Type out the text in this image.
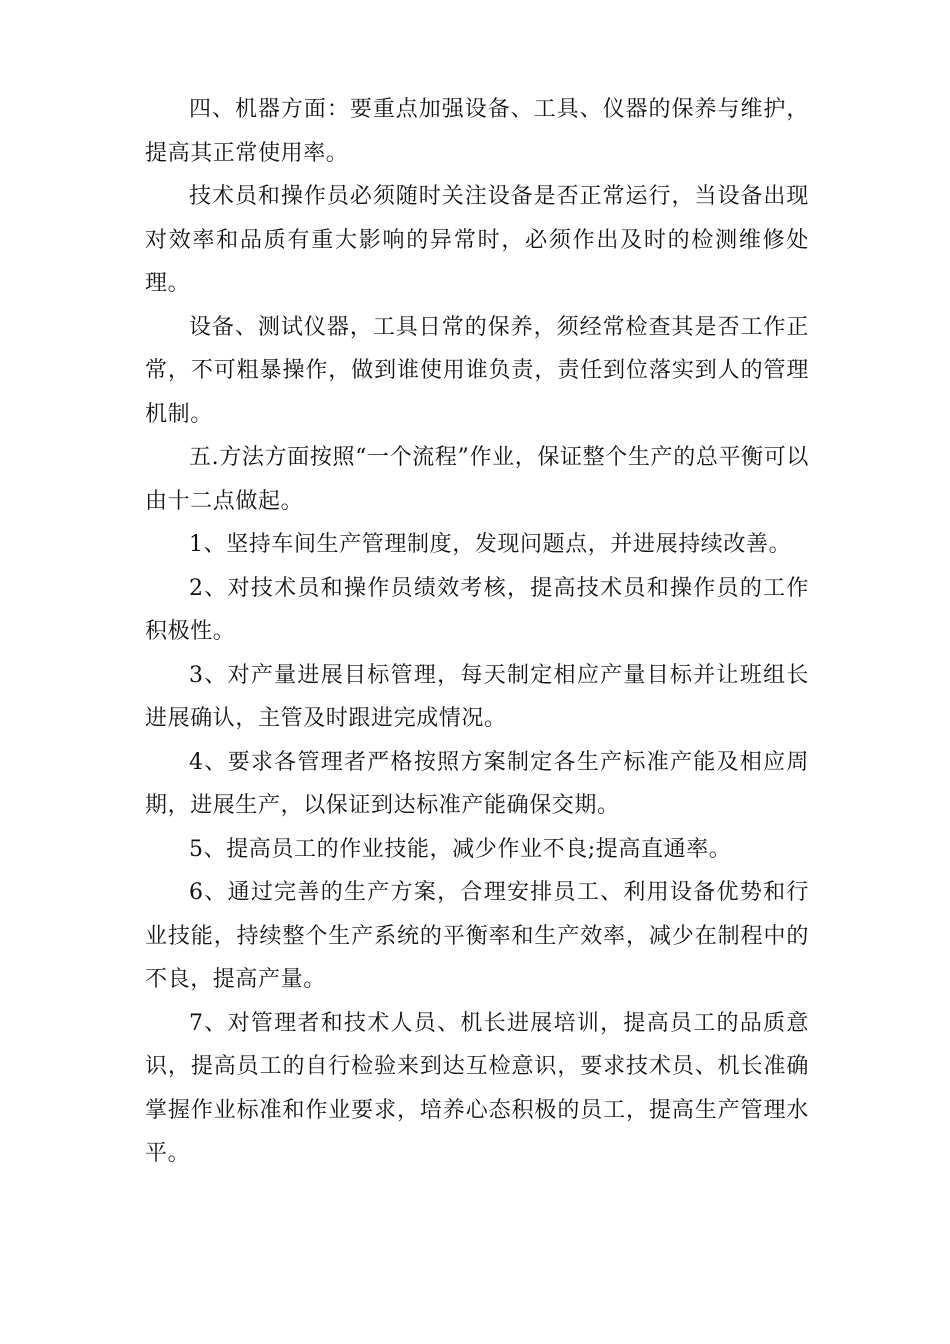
四、机器方面：要重点加强设备、工具、仪器的保养与维护，提高其正常使用率。

技术员和操作员必须随时关注设备是否正常运行，当设备出现对效率和品质有重大影响的异常时，必须作出及时的检测维修处理。

设备、测试仪器，工具日常的保养，须经常检查其是否工作正常，不可粗暴操作，做到谁使用谁负责，责任到位落实到人的管理机制。

五.方法方面按照“一个流程”作业，保证整个生产的总平衡可以由十二点做起。

1、坚持车间生产管理制度，发现问题点，并进展持续改善。

2、对技术员和操作员绩效考核，提高技术员和操作员的工作积极性。

3、对产量进展目标管理，每天制定相应产量目标并让班组长进展确认，主管及时跟进完成情况。

4、要求各管理者严格按照方案制定各生产标准产能及相应周期，进展生产，以保证到达标准产能确保交期。

5、提高员工的作业技能，减少作业不良;提高直通率。

6、通过完善的生产方案，合理安排员工、利用设备优势和行业技能，持续整个生产系统的平衡率和生产效率，减少在制程中的不良，提高产量。

7、对管理者和技术人员、机长进展培训，提高员工的品质意识，提高员工的自行检验来到达互检意识，要求技术员、机长准确掌握作业标准和作业要求，培养心态积极的员工，提高生产管理水平。
